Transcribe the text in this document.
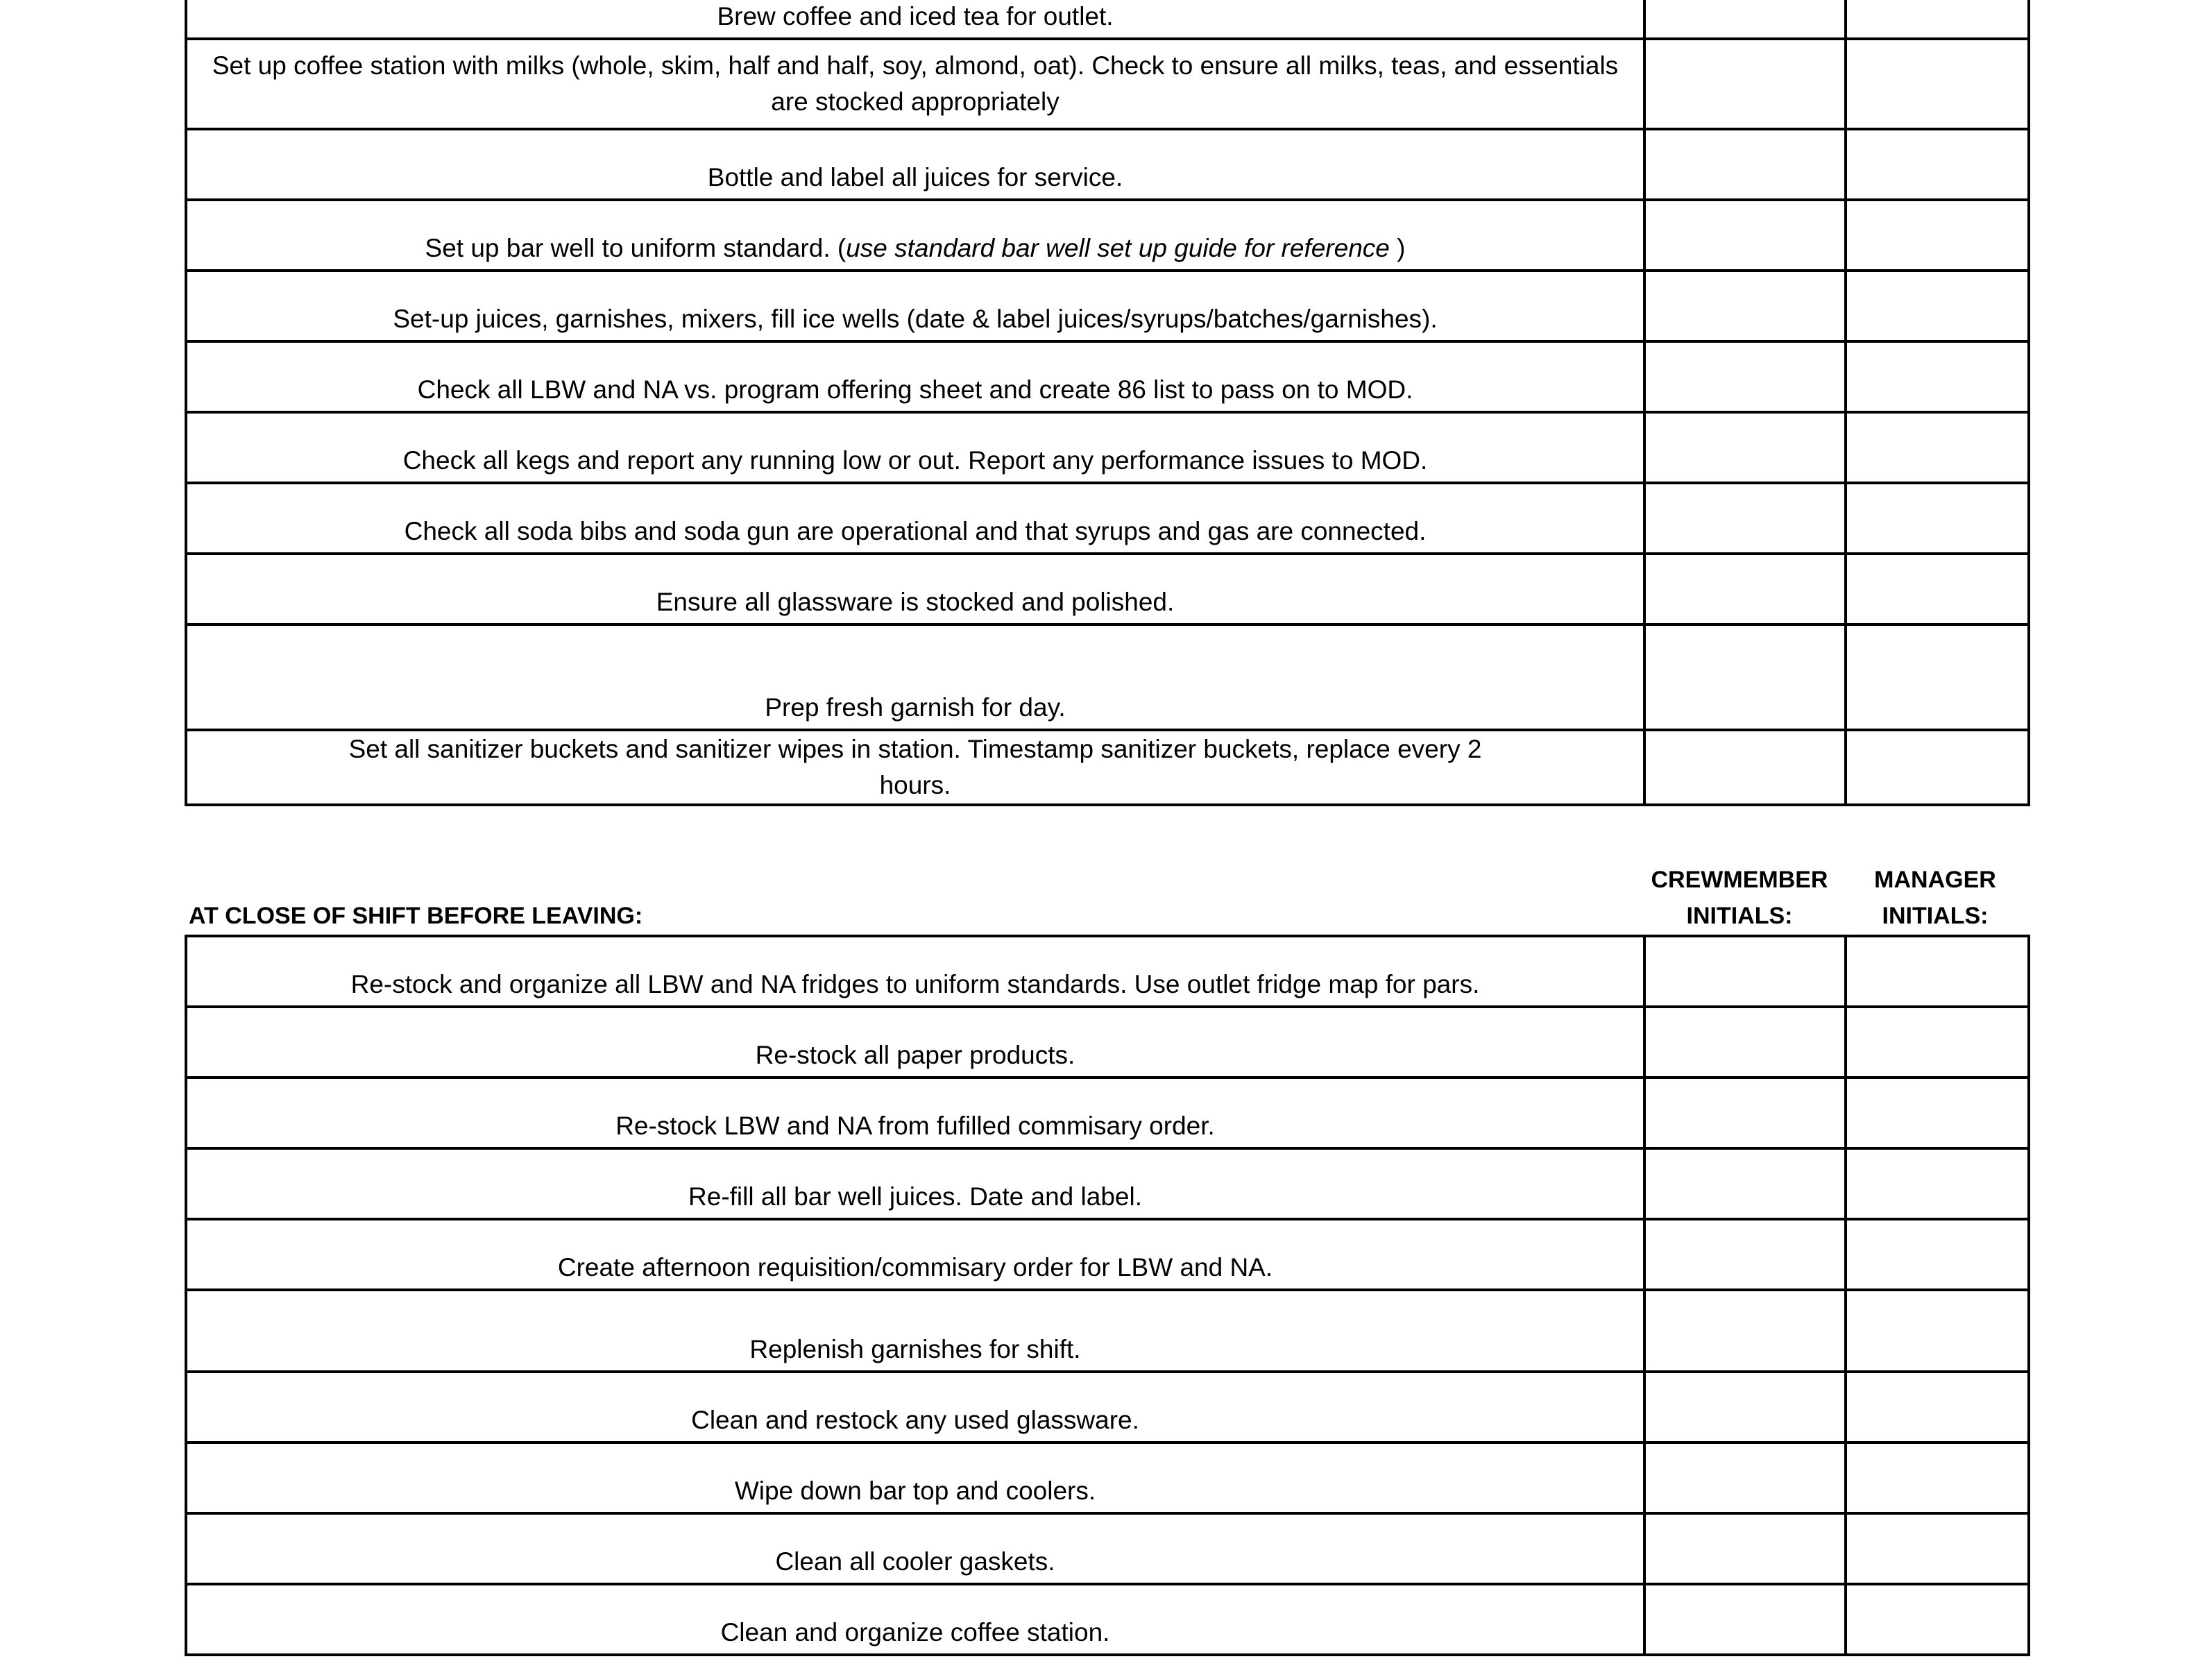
Brew coffee and iced tea for outlet.		
Set up coffee station with milks (whole, skim, half and half, soy, almond, oat). Check to ensure all milks, teas, and essentials are stocked appropriately		
Bottle and label all juices for service.		
Set up bar well to uniform standard. (use standard bar well set up guide for reference )		
Set-up juices, garnishes, mixers, fill ice wells (date & label juices/syrups/batches/garnishes).		
Check all LBW and NA vs. program offering sheet and create 86 list to pass on to MOD.		
Check all kegs and report any running low or out. Report any performance issues to MOD.		
Check all soda bibs and soda gun are operational and that syrups and gas are connected.		
Ensure all glassware is stocked and polished.		
Prep fresh garnish for day.		
Set all sanitizer buckets and sanitizer wipes in station. Timestamp sanitizer buckets, replace every 2 hours.		
AT CLOSE OF SHIFT BEFORE LEAVING:
CREWMEMBER
INITIALS:
MANAGER
INITIALS:
Re-stock and organize all LBW and NA fridges to uniform standards. Use outlet fridge map for pars.		
Re-stock all paper products.		
Re-stock LBW and NA from fufilled commisary order.		
Re-fill all bar well juices. Date and label.		
Create afternoon requisition/commisary order for LBW and NA.		
Replenish garnishes for shift.		
Clean and restock any used glassware.		
Wipe down bar top and coolers.		
Clean all cooler gaskets.		
Clean and organize coffee station.		
